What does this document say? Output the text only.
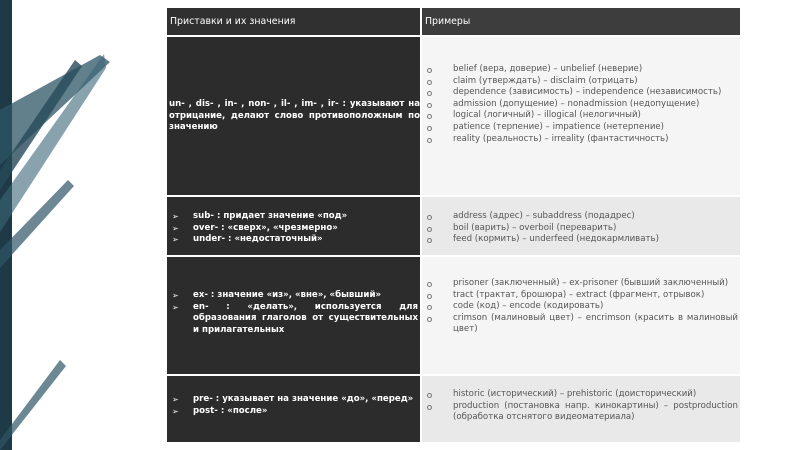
Приставки и их значения	Примеры
un- , dis- , in- , non- , il- , im- , ir- : указывают на отрицание, делают слово противоположным по значению
belief (вера, доверие) – unbelief (неверие)
claim (утверждать) – disclaim (отрицать)
dependence (зависимость) – independence (независимость)
admission (допущение) – nonadmission (недопущение)
logical (логичный) – illogical (нелогичный)
patience (терпение) – impatience (нетерпение)
reality (реальность) – irreality (фантастичность)
➢ sub- : придает значение «под»
➢ over- : «сверх», «чрезмерно»
➢ under- : «недостаточный»
address (адрес) – subaddress (подадрес)
boil (варить) – overboil (переварить)
feed (кормить) – underfeed (недокармливать)
➢ ex- : значение «из», «вне», «бывший»
➢ en- : «делать», используется для образования глаголов от существительных и прилагательных
prisoner (заключенный) – ex-prisoner (бывший заключенный)
tract (трактат, брошюра) – extract (фрагмент, отрывок)
code (код) – encode (кодировать)
crimson (малиновый цвет) – encrimson (красить в малиновый цвет)
➢ pre- : указывает на значение «до», «перед»
➢ post- : «после»
historic (исторический) – prehistoric (доисторический)
production (постановка напр. кинокартины) – postproduction (обработка отснятого видеоматериала)
